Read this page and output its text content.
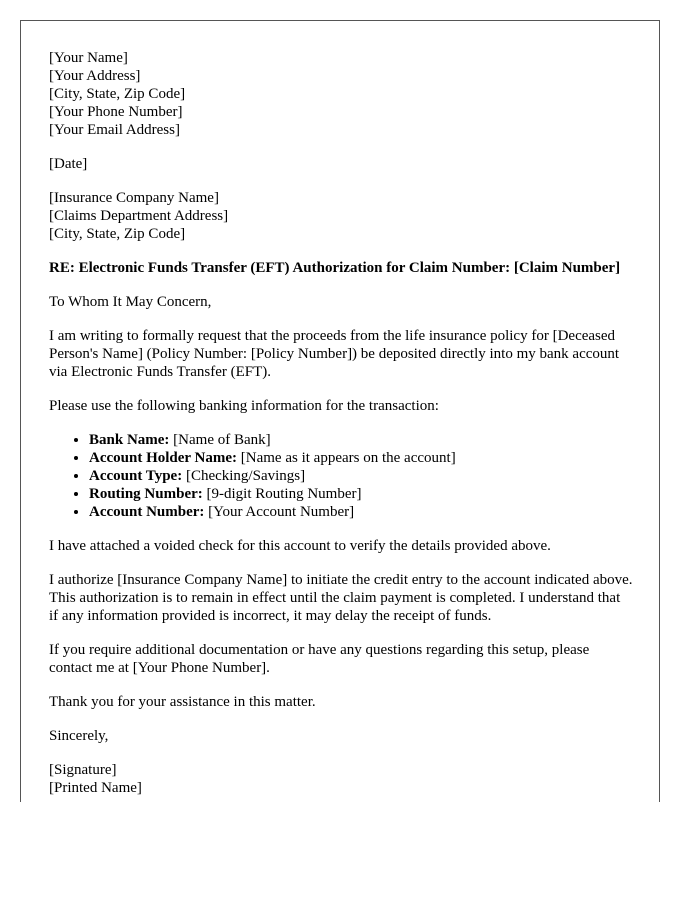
[Your Name]
[Your Address]
[City, State, Zip Code]
[Your Phone Number]
[Your Email Address]
[Date]
[Insurance Company Name]
[Claims Department Address]
[City, State, Zip Code]
RE: Electronic Funds Transfer (EFT) Authorization for Claim Number: [Claim Number]

To Whom It May Concern,

I am writing to formally request that the proceeds from the life insurance policy for [Deceased Person's Name] (Policy Number: [Policy Number]) be deposited directly into my bank account via Electronic Funds Transfer (EFT).

Please use the following banking information for the transaction:

• Bank Name: [Name of Bank]
• Account Holder Name: [Name as it appears on the account]
• Account Type: [Checking/Savings]
• Routing Number: [9-digit Routing Number]
• Account Number: [Your Account Number]

I have attached a voided check for this account to verify the details provided above.

I authorize [Insurance Company Name] to initiate the credit entry to the account indicated above. This authorization is to remain in effect until the claim payment is completed. I understand that if any information provided is incorrect, it may delay the receipt of funds.

If you require additional documentation or have any questions regarding this setup, please contact me at [Your Phone Number].

Thank you for your assistance in this matter.

Sincerely,

[Signature]
[Printed Name]
